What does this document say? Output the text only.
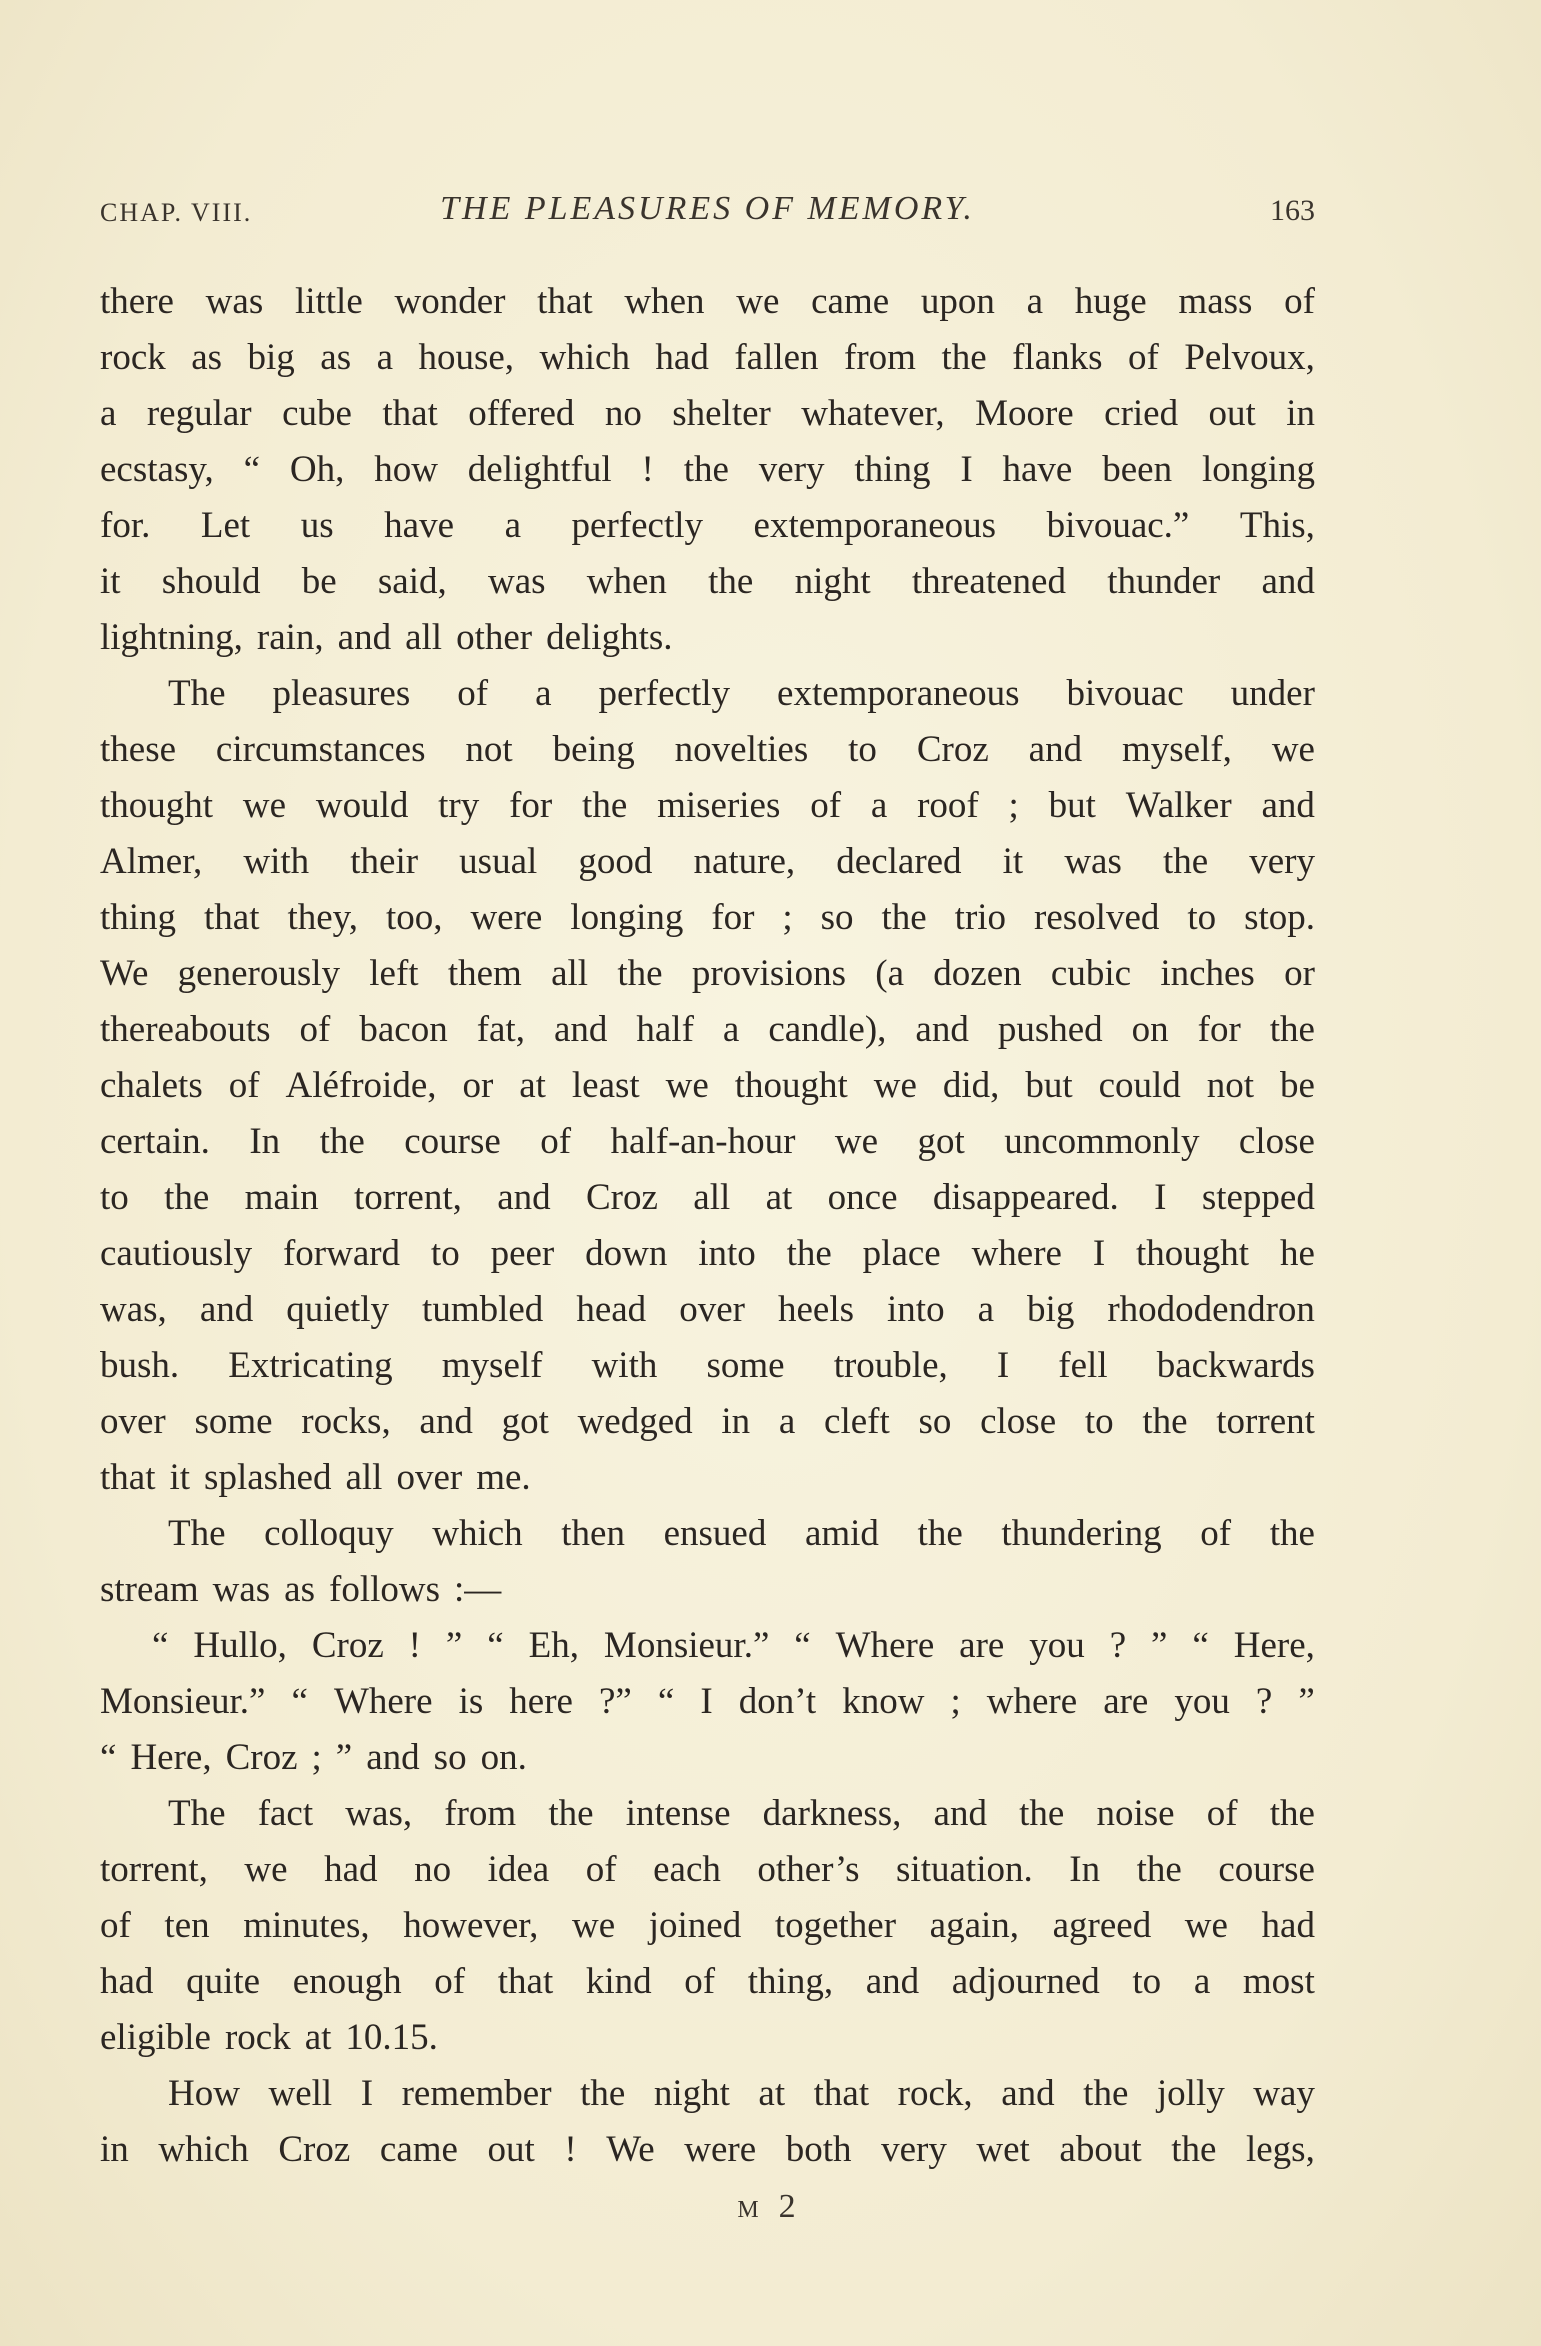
CHAP. VIII.	THE PLEASURES OF MEMORY.	163
there was little wonder that when we came upon a huge mass of
rock as big as a house, which had fallen from the flanks of Pelvoux,
a regular cube that offered no shelter whatever, Moore cried out in
ecstasy, “ Oh, how delightful ! the very thing I have been longing
for. Let us have a perfectly extemporaneous bivouac.” This,
it should be said, was when the night threatened thunder and
lightning, rain, and all other delights.
The pleasures of a perfectly extemporaneous bivouac under
these circumstances not being novelties to Croz and myself, we
thought we would try for the miseries of a roof ; but Walker and
Almer, with their usual good nature, declared it was the very
thing that they, too, were longing for ; so the trio resolved to stop.
We generously left them all the provisions (a dozen cubic inches or
thereabouts of bacon fat, and half a candle), and pushed on for the
chalets of Aléfroide, or at least we thought we did, but could not be
certain. In the course of half-an-hour we got uncommonly close
to the main torrent, and Croz all at once disappeared. I stepped
cautiously forward to peer down into the place where I thought he
was, and quietly tumbled head over heels into a big rhododendron
bush. Extricating myself with some trouble, I fell backwards
over some rocks, and got wedged in a cleft so close to the torrent
that it splashed all over me.
The colloquy which then ensued amid the thundering of the
stream was as follows :—
“ Hullo, Croz ! ” “ Eh, Monsieur.” “ Where are you ? ” “ Here,
Monsieur.” “ Where is here ?” “ I don’t know ; where are you ? ”
“ Here, Croz ; ” and so on.
The fact was, from the intense darkness, and the noise of the
torrent, we had no idea of each other’s situation. In the course
of ten minutes, however, we joined together again, agreed we had
had quite enough of that kind of thing, and adjourned to a most
eligible rock at 10.15.
How well I remember the night at that rock, and the jolly way
in which Croz came out ! We were both very wet about the legs,
M 2
